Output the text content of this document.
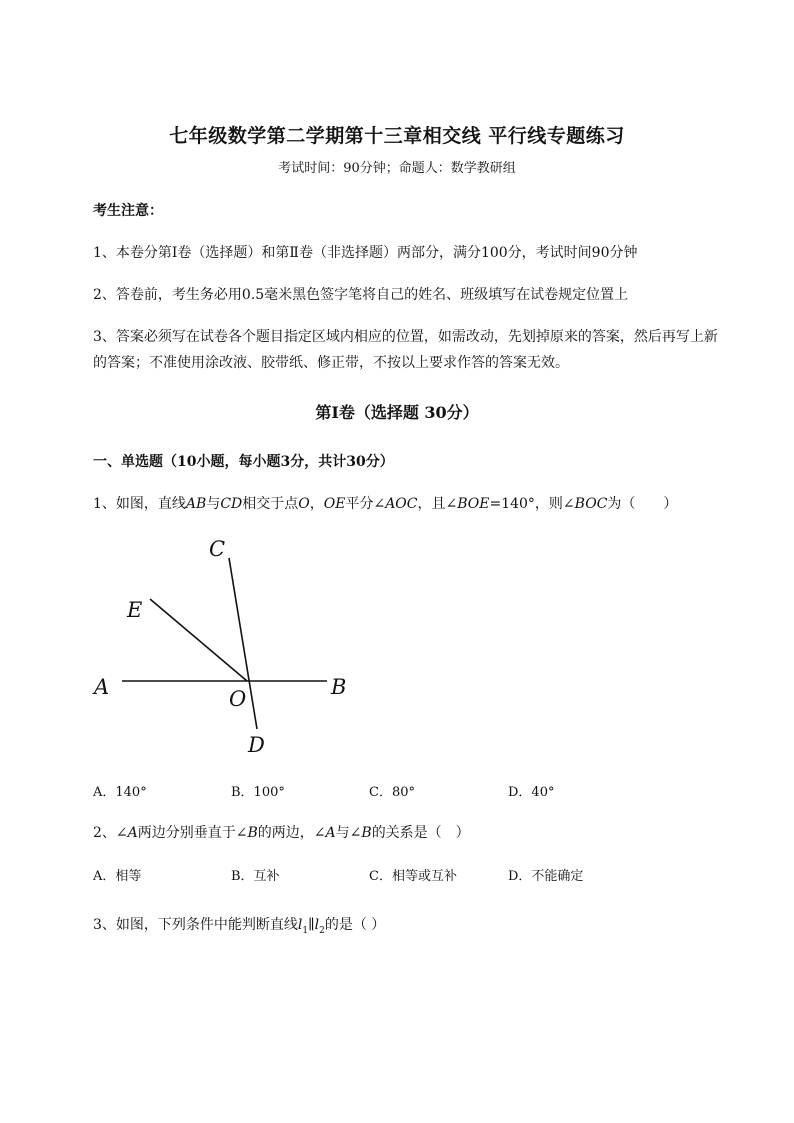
七年级数学第二学期第十三章相交线 平行线专题练习
考试时间：90分钟；命题人：数学教研组
考生注意：
1、本卷分第I卷（选择题）和第Ⅱ卷（非选择题）两部分，满分100分，考试时间90分钟
2、答卷前，考生务必用0.5毫米黑色签字笔将自己的姓名、班级填写在试卷规定位置上
3、答案必须写在试卷各个题目指定区域内相应的位置，如需改动，先划掉原来的答案，然后再写上新
的答案；不准使用涂改液、胶带纸、修正带，不按以上要求作答的答案无效。
第I卷（选择题 30分）
一、单选题（10小题，每小题3分，共计30分）
1、如图，直线AB与CD相交于点O，OE平分∠AOC，且∠BOE=140°，则∠BOC为（　　）
C
E
A	O	B
D
A．140°	B．100°	C．80°	D．40°
2、∠A两边分别垂直于∠B的两边，∠A与∠B的关系是（　）
A．相等	B．互补	C．相等或互补	D．不能确定
3、如图，下列条件中能判断直线$l_1\parallel l_2$的是（ ）
